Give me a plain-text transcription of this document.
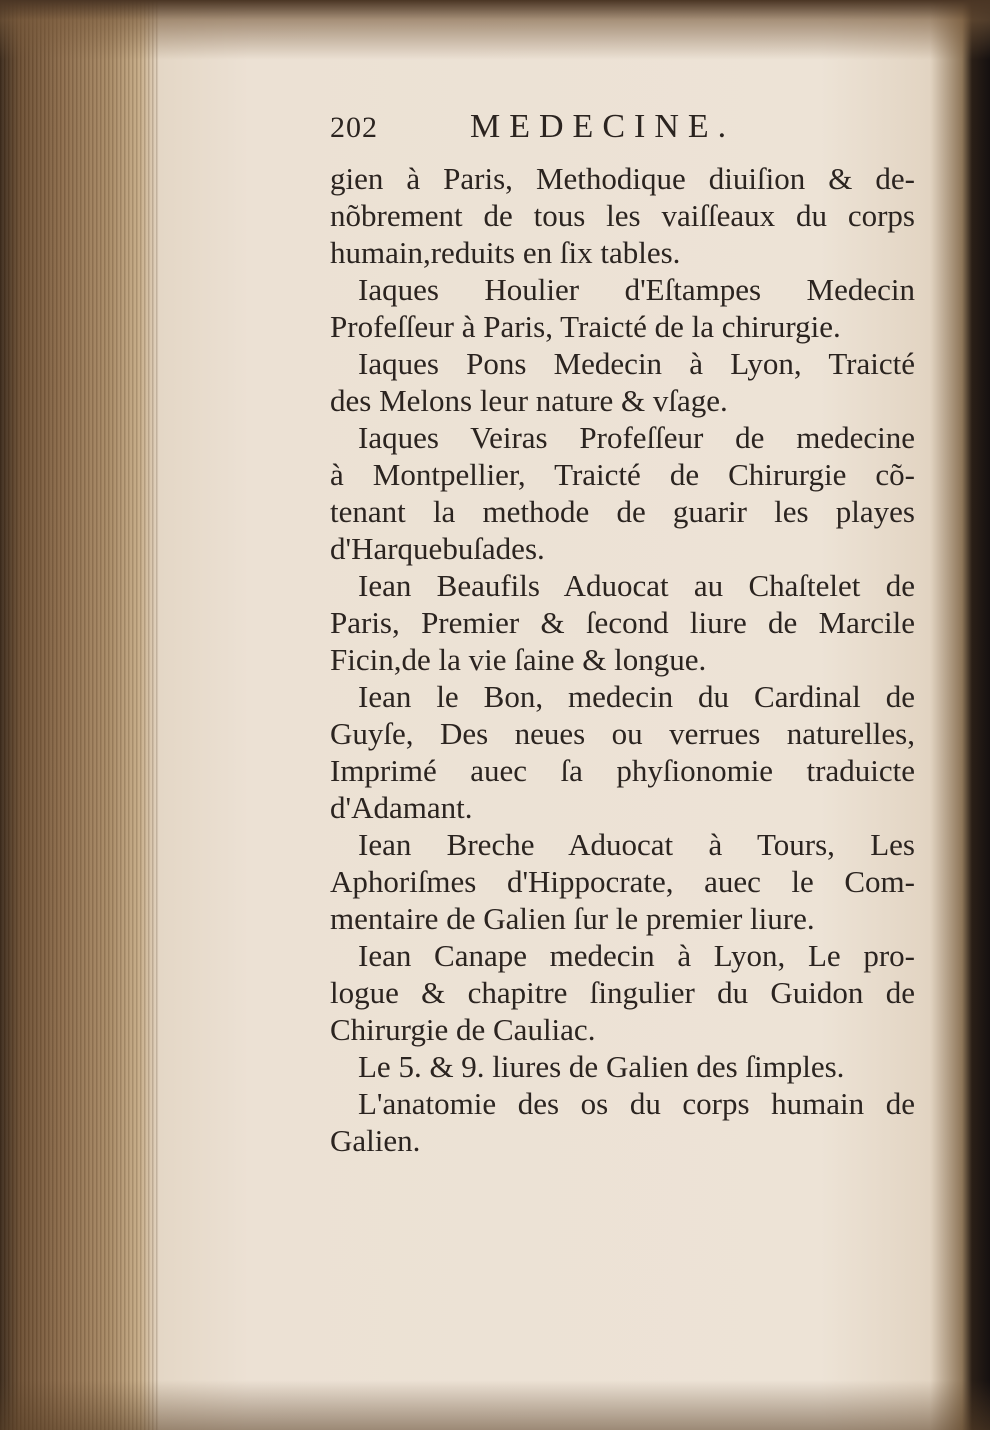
202	MEDECINE.
gien à Paris, Methodique diuiſion & de-
nõbrement de tous les vaiſſeaux du corps
humain,reduits en ſix tables.
Iaques Houlier d'Eſtampes Medecin
Profeſſeur à Paris, Traicté de la chirurgie.
Iaques Pons Medecin à Lyon, Traicté
des Melons leur nature & vſage.
Iaques Veiras Profeſſeur de medecine
à Montpellier, Traicté de Chirurgie cõ-
tenant la methode de guarir les playes
d'Harquebuſades.
Iean Beaufils Aduocat au Chaſtelet de
Paris, Premier & ſecond liure de Marcile
Ficin,de la vie ſaine & longue.
Iean le Bon, medecin du Cardinal de
Guyſe, Des neues ou verrues naturelles,
Imprimé auec ſa phyſionomie traduicte
d'Adamant.
Iean Breche Aduocat à Tours, Les
Aphoriſmes d'Hippocrate, auec le Com-
mentaire de Galien ſur le premier liure.
Iean Canape medecin à Lyon, Le pro-
logue & chapitre ſingulier du Guidon de
Chirurgie de Cauliac.
Le 5. & 9. liures de Galien des ſimples.
L'anatomie des os du corps humain de
Galien.
